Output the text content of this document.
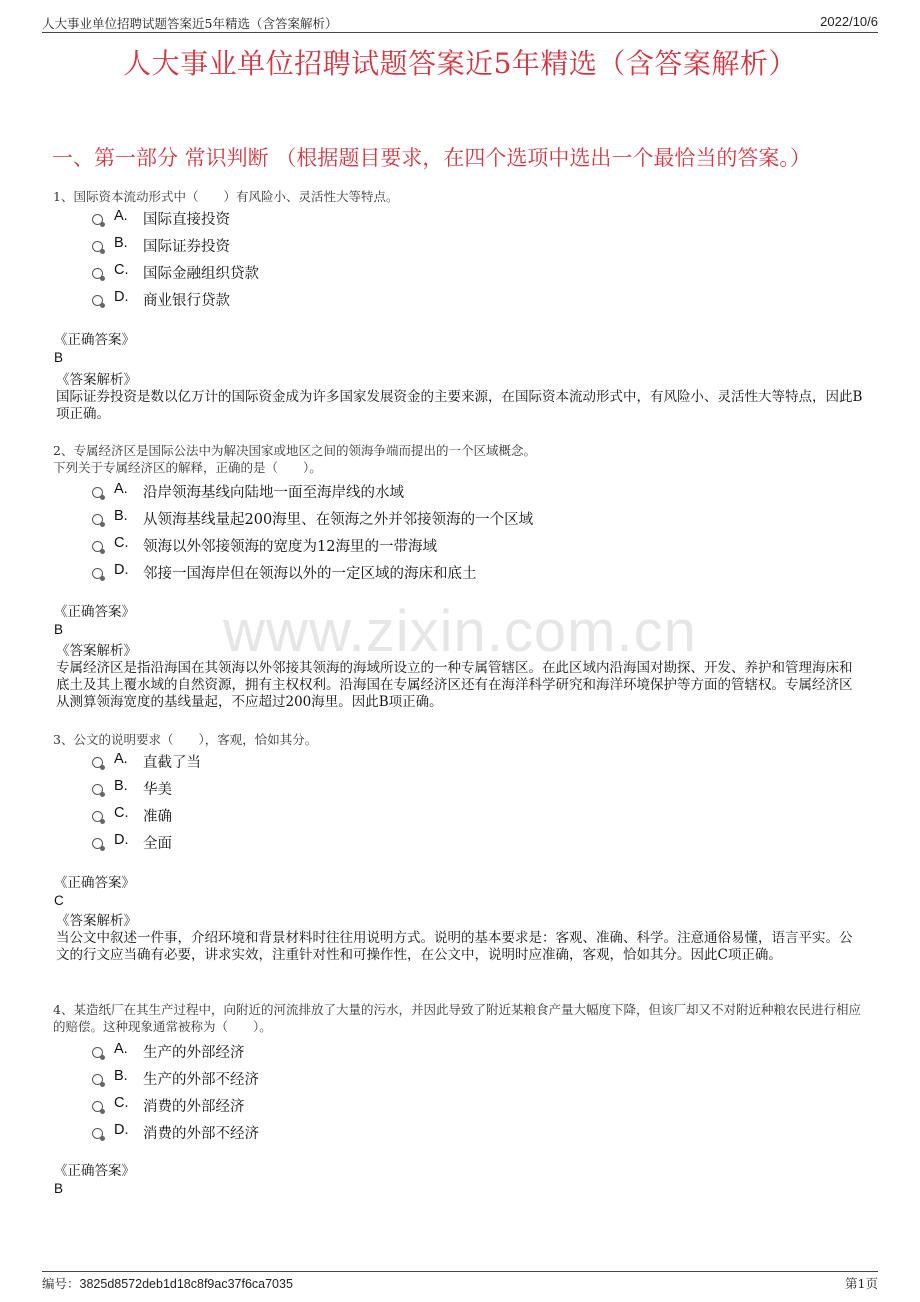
人大事业单位招聘试题答案近5年精选（含答案解析）	2022/10/6
人大事业单位招聘试题答案近5年精选（含答案解析）
一、第一部分 常识判断 （根据题目要求，在四个选项中选出一个最恰当的答案。）
www.zixin.com.cn
1、国际资本流动形式中（　　）有风险小、灵活性大等特点。
A. 国际直接投资
B. 国际证券投资
C. 国际金融组织贷款
D. 商业银行贷款
《正确答案》
B
《答案解析》
国际证券投资是数以亿万计的国际资金成为许多国家发展资金的主要来源，在国际资本流动形式中，有风险小、灵活性大等特点，因此B项正确。
2、专属经济区是国际公法中为解决国家或地区之间的领海争端而提出的一个区域概念。
下列关于专属经济区的解释，正确的是（　　）。
A. 沿岸领海基线向陆地一面至海岸线的水域
B. 从领海基线量起200海里、在领海之外并邻接领海的一个区域
C. 领海以外邻接领海的宽度为12海里的一带海域
D. 邻接一国海岸但在领海以外的一定区域的海床和底土
《正确答案》
B
《答案解析》
专属经济区是指沿海国在其领海以外邻接其领海的海域所设立的一种专属管辖区。在此区域内沿海国对勘探、开发、养护和管理海床和底土及其上覆水域的自然资源，拥有主权权利。沿海国在专属经济区还有在海洋科学研究和海洋环境保护等方面的管辖权。专属经济区从测算领海宽度的基线量起，不应超过200海里。因此B项正确。
3、公文的说明要求（　　），客观，恰如其分。
A. 直截了当
B. 华美
C. 准确
D. 全面
《正确答案》
C
《答案解析》
当公文中叙述一件事，介绍环境和背景材料时往往用说明方式。说明的基本要求是：客观、准确、科学。注意通俗易懂，语言平实。公文的行文应当确有必要，讲求实效，注重针对性和可操作性，在公文中，说明时应准确，客观，恰如其分。因此C项正确。
4、某造纸厂在其生产过程中，向附近的河流排放了大量的污水，并因此导致了附近某粮食产量大幅度下降，但该厂却又不对附近种粮农民进行相应的赔偿。这种现象通常被称为（　　）。
A. 生产的外部经济
B. 生产的外部不经济
C. 消费的外部经济
D. 消费的外部不经济
《正确答案》
B
编号：3825d8572deb1d18c8f9ac37f6ca7035	第1页
